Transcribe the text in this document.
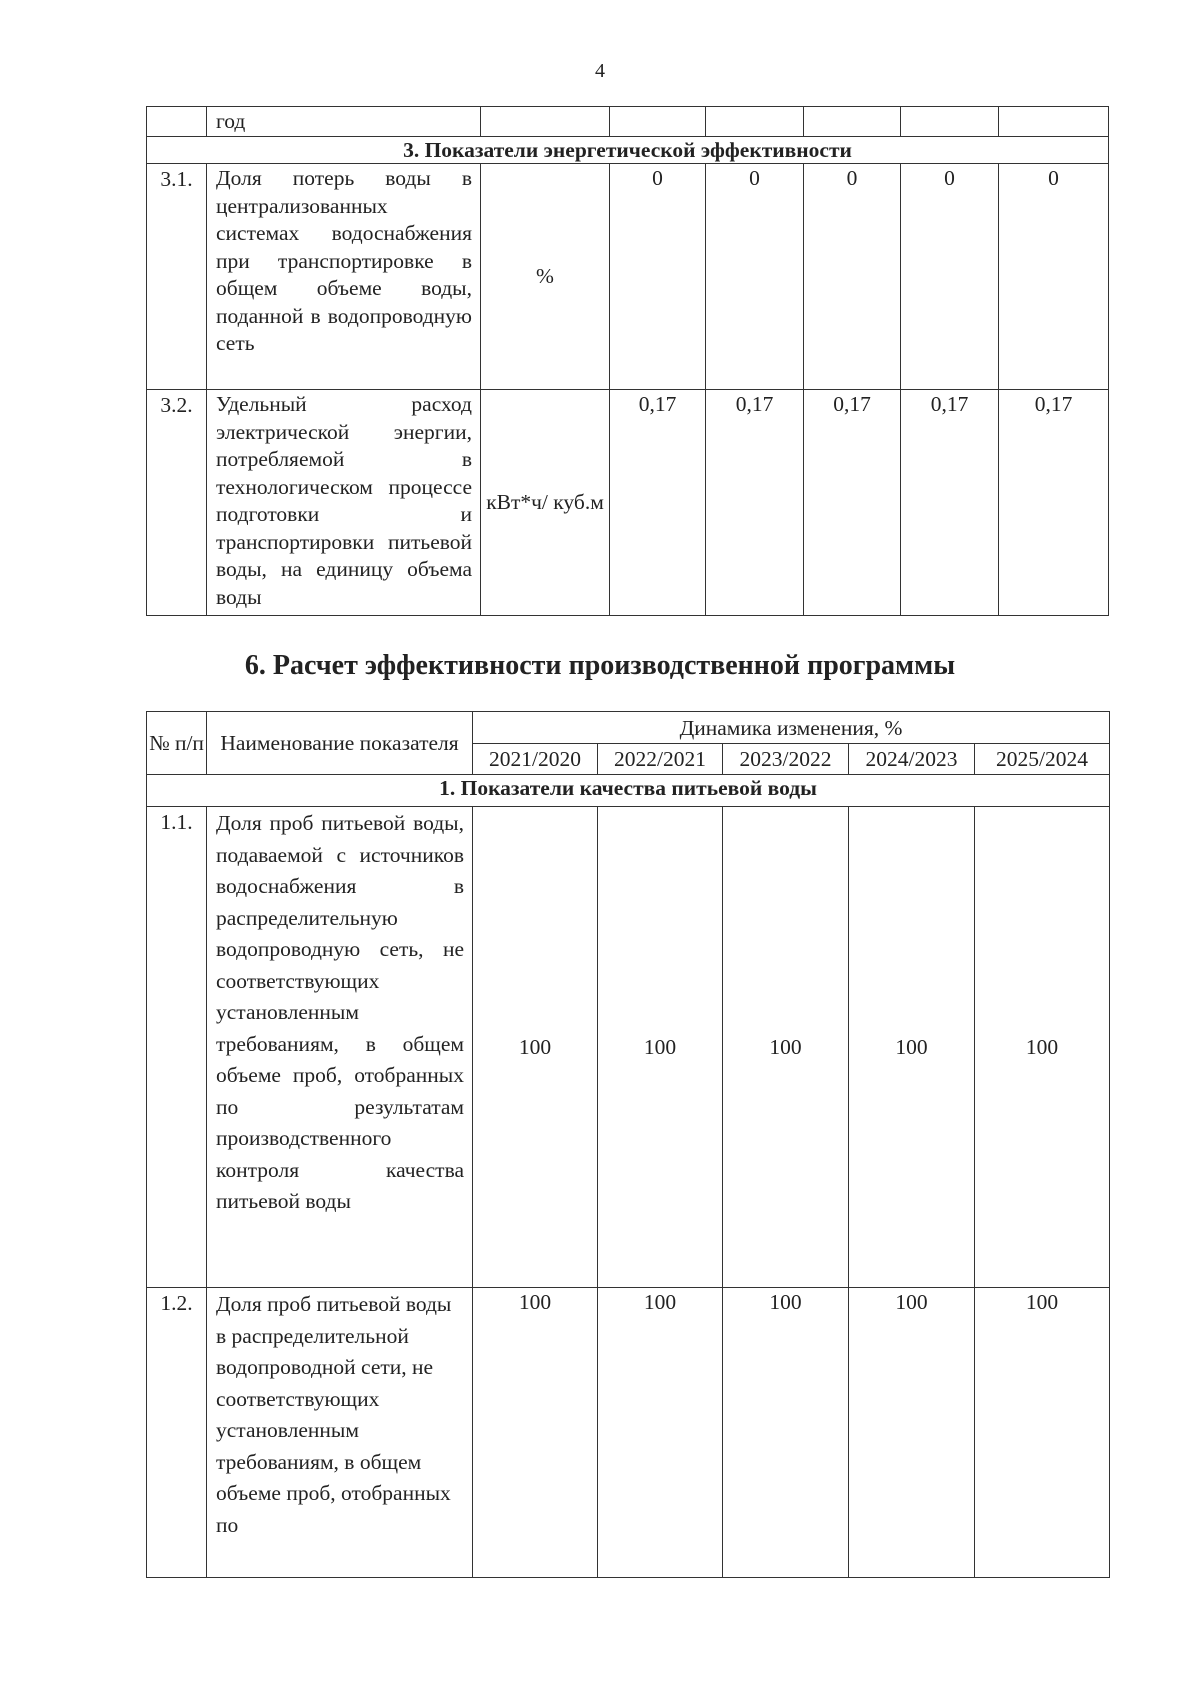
4
	год						
3. Показатели энергетической эффективности							
3.1.	Доля потерь воды в централизованных системах водоснабжения при транспортировке в общем объеме воды, поданной в водопроводную сеть	%	0	0	0	0	0
3.2.	Удельный расход электрической энергии, потребляемой в технологическом процессе подготовки и транспортировки питьевой воды, на единицу объема воды	кВт*ч/ куб.м	0,17	0,17	0,17	0,17	0,17
6. Расчет эффективности производственной программы
№ п/п	Наименование показателя	Динамика изменения, %				
		2021/2020	2022/2021	2023/2022	2024/2023	2025/2024
1. Показатели качества питьевой воды						
1.1.	Доля проб питьевой воды, подаваемой с источников водоснабжения в распределительную водопроводную сеть, не соответствующих установленным требованиям, в общем объеме проб, отобранных по результатам производственного контроля качества питьевой воды	100	100	100	100	100
1.2.	Доля проб питьевой воды в распределительной водопроводной сети, не соответствующих установленным требованиям, в общем объеме проб, отобранных по	100	100	100	100	100
